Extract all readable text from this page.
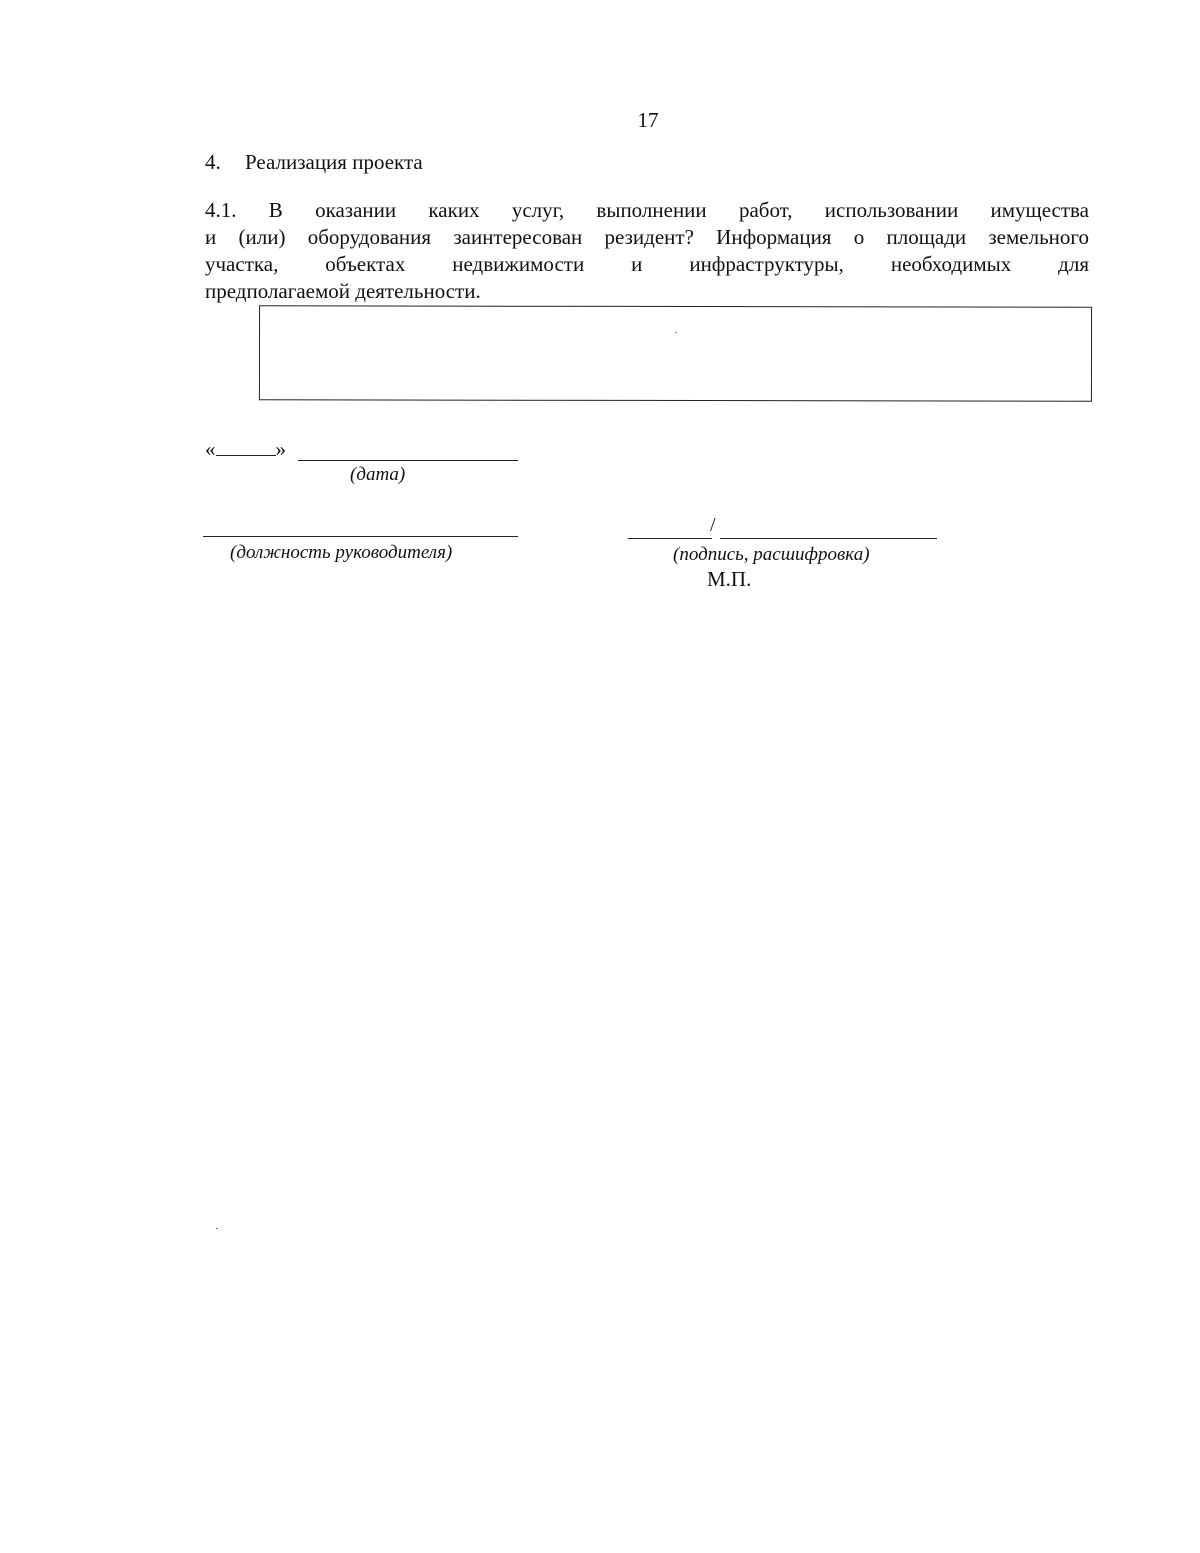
17
4. Реализация проекта
4.1. В оказании каких услуг, выполнении работ, использовании имущества
и (или) оборудования заинтересован резидент? Информация о площади земельного
участка, объектах недвижимости и инфраструктуры, необходимых для
предполагаемой деятельности.
«	»
(дата)
(должность руководителя)
/
(подпись, расшифровка)
М.П.
